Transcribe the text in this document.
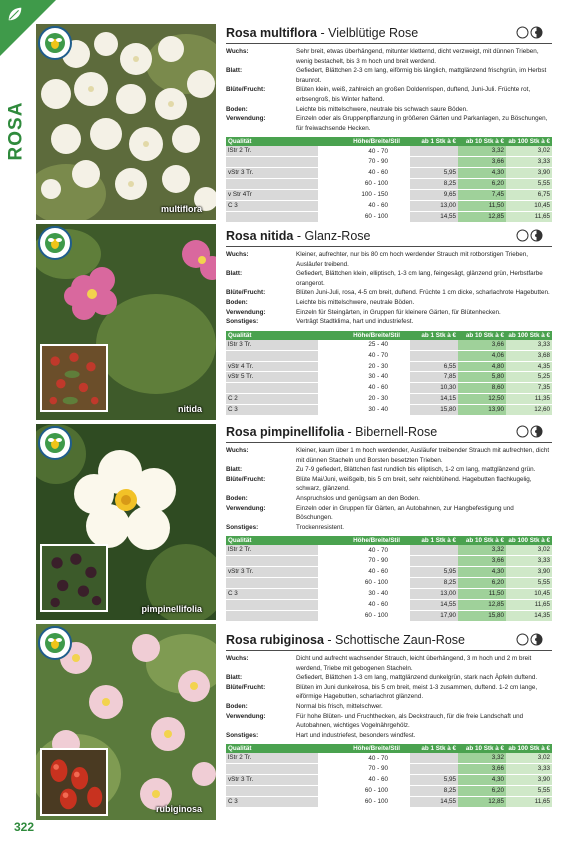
ROSA
322
multiflora
nitida
pimpinellifolia
rubiginosa
Rosa multiflora - Vielblütige Rose
Wuchs:	Sehr breit, etwas überhängend, mitunter kletternd, dicht verzweigt, mit dünnen Trieben, wenig bestachelt, bis 3 m hoch und breit werdend.
Blatt:	Gefiedert, Blättchen 2-3 cm lang, eiförmig bis länglich, mattglänzend frischgrün, im Herbst braunrot.
Blüte/Frucht:	Blüten klein, weiß, zahlreich an großen Doldenrispen, duftend, Juni-Juli. Früchte rot, erbsengroß, bis Winter haftend.
Boden:	Leichte bis mittelschwere, neutrale bis schwach saure Böden.
Verwendung:	Einzeln oder als Gruppenpflanzung in größeren Gärten und Parkanlagen, zu Böschungen, für freiwachsende Hecken.
Qualität	Höhe/Breite/Stil	ab 1 Stk à €	ab 10 Stk à €	ab 100 Stk à €
lStr 2 Tr.	40 - 70		3,32	3,02
	70 - 90		3,66	3,33
vStr 3 Tr.	40 - 60	5,95	4,30	3,90
	60 - 100	8,25	6,20	5,55
v Str 4Tr	100 - 150	9,65	7,45	6,75
C 3	40 - 60	13,00	11,50	10,45
	60 - 100	14,55	12,85	11,65
Rosa nitida - Glanz-Rose
Wuchs:	Kleiner, aufrechter, nur bis 80 cm hoch werdender Strauch mit rotborstigen Trieben, Ausläufer treibend.
Blatt:	Gefiedert, Blättchen klein, elliptisch, 1-3 cm lang, feingesägt, glänzend grün, Herbstfarbe orangerot.
Blüte/Frucht:	Blüten Juni-Juli, rosa, 4-5 cm breit, duftend. Früchte 1 cm dicke, scharlachrote Hagebutten.
Boden:	Leichte bis mittelschwere, neutrale Böden.
Verwendung:	Einzeln für Steingärten, in Gruppen für kleinere Gärten, für Blütenhecken.
Sonstiges:	Verträgt Stadtklima, hart und industriefest.
Qualität	Höhe/Breite/Stil	ab 1 Stk à €	ab 10 Stk à €	ab 100 Stk à €
lStr 3 Tr.	25 - 40		3,66	3,33
	40 - 70		4,06	3,68
vStr 4 Tr.	20 - 30	6,55	4,80	4,35
vStr 5 Tr.	30 - 40	7,85	5,80	5,25
	40 - 60	10,30	8,60	7,35
C 2	20 - 30	14,15	12,50	11,35
C 3	30 - 40	15,80	13,90	12,60
Rosa pimpinellifolia - Bibernell-Rose
Wuchs:	Kleiner, kaum über 1 m hoch werdender, Ausläufer treibender Strauch mit aufrechten, dicht mit dünnen Stacheln und Borsten besetzten Trieben.
Blatt:	Zu 7-9 gefiedert, Blättchen fast rundlich bis elliptisch, 1-2 cm lang, mattglänzend grün.
Blüte/Frucht:	Blüte Mai/Juni, weißgelb, bis 5 cm breit, sehr reichblühend. Hagebutten flachkugelig, schwarz, glänzend.
Boden:	Anspruchslos und genügsam an den Boden.
Verwendung:	Einzeln oder in Gruppen für Gärten, an Autobahnen, zur Hangbefestigung und Böschungen.
Sonstiges:	Trockenresistent.
Qualität	Höhe/Breite/Stil	ab 1 Stk à €	ab 10 Stk à €	ab 100 Stk à €
lStr 2 Tr.	40 - 70		3,32	3,02
	70 - 90		3,66	3,33
vStr 3 Tr.	40 - 60	5,95	4,30	3,90
	60 - 100	8,25	6,20	5,55
C 3	30 - 40	13,00	11,50	10,45
	40 - 60	14,55	12,85	11,65
	60 - 100	17,90	15,80	14,35
Rosa rubiginosa - Schottische Zaun-Rose
Wuchs:	Dicht und aufrecht wachsender Strauch, leicht überhängend, 3 m hoch und 2 m breit werdend, Triebe mit gebogenen Stacheln.
Blatt:	Gefiedert, Blättchen 1-3 cm lang, mattglänzend dunkelgrün, stark nach Äpfeln duftend.
Blüte/Frucht:	Blüten im Juni dunkelrosa, bis 5 cm breit, meist 1-3 zusammen, duftend. 1-2 cm lange, eiförmige Hagebutten, scharlachrot glänzend.
Boden:	Normal bis frisch, mittelschwer.
Verwendung:	Für hohe Blüten- und Fruchthecken, als Deckstrauch, für die freie Landschaft und Autobahnen, wichtiges Vogelnährgehölz.
Sonstiges:	Hart und industriefest, besonders windfest.
Qualität	Höhe/Breite/Stil	ab 1 Stk à €	ab 10 Stk à €	ab 100 Stk à €
lStr 2 Tr.	40 - 70		3,32	3,02
	70 - 90		3,66	3,33
vStr 3 Tr.	40 - 60	5,95	4,30	3,90
	60 - 100	8,25	6,20	5,55
C 3	60 - 100	14,55	12,85	11,65
